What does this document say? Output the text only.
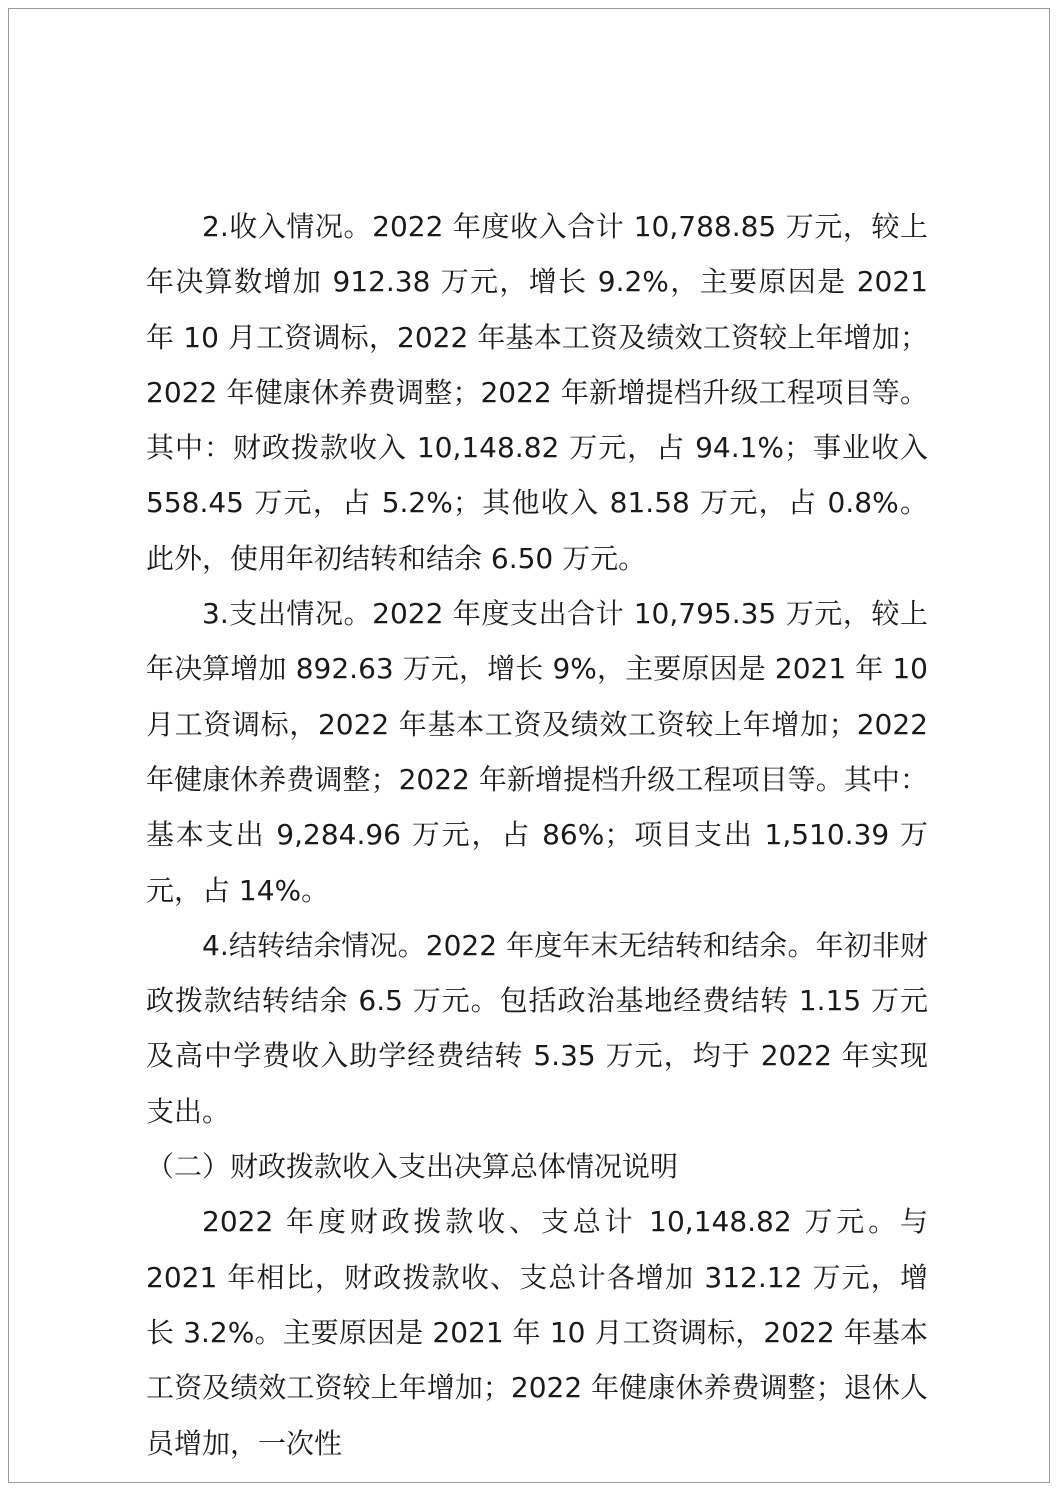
2.收入情况。2022 年度收入合计 10,788.85 万元，较上年决算数增加 912.38 万元，增长 9.2%，主要原因是 2021 年 10 月工资调标，2022 年基本工资及绩效工资较上年增加；2022 年健康休养费调整；2022 年新增提档升级工程项目等。其中：财政拨款收入 10,148.82 万元，占 94.1%；事业收入 558.45 万元，占 5.2%；其他收入 81.58 万元，占 0.8%。此外，使用年初结转和结余 6.50 万元。

3.支出情况。2022 年度支出合计 10,795.35 万元，较上年决算增加 892.63 万元，增长 9%，主要原因是 2021 年 10 月工资调标，2022 年基本工资及绩效工资较上年增加；2022 年健康休养费调整；2022 年新增提档升级工程项目等。其中：基本支出 9,284.96 万元，占 86%；项目支出 1,510.39 万元，占 14%。

4.结转结余情况。2022 年度年末无结转和结余。年初非财政拨款结转结余 6.5 万元。包括政治基地经费结转 1.15 万元及高中学费收入助学经费结转 5.35 万元，均于 2022 年实现支出。

（二）财政拨款收入支出决算总体情况说明

2022 年度财政拨款收、支总计 10,148.82 万元。与 2021 年相比，财政拨款收、支总计各增加 312.12 万元，增长 3.2%。主要原因是 2021 年 10 月工资调标，2022 年基本工资及绩效工资较上年增加；2022 年健康休养费调整；退休人员增加，一次性
